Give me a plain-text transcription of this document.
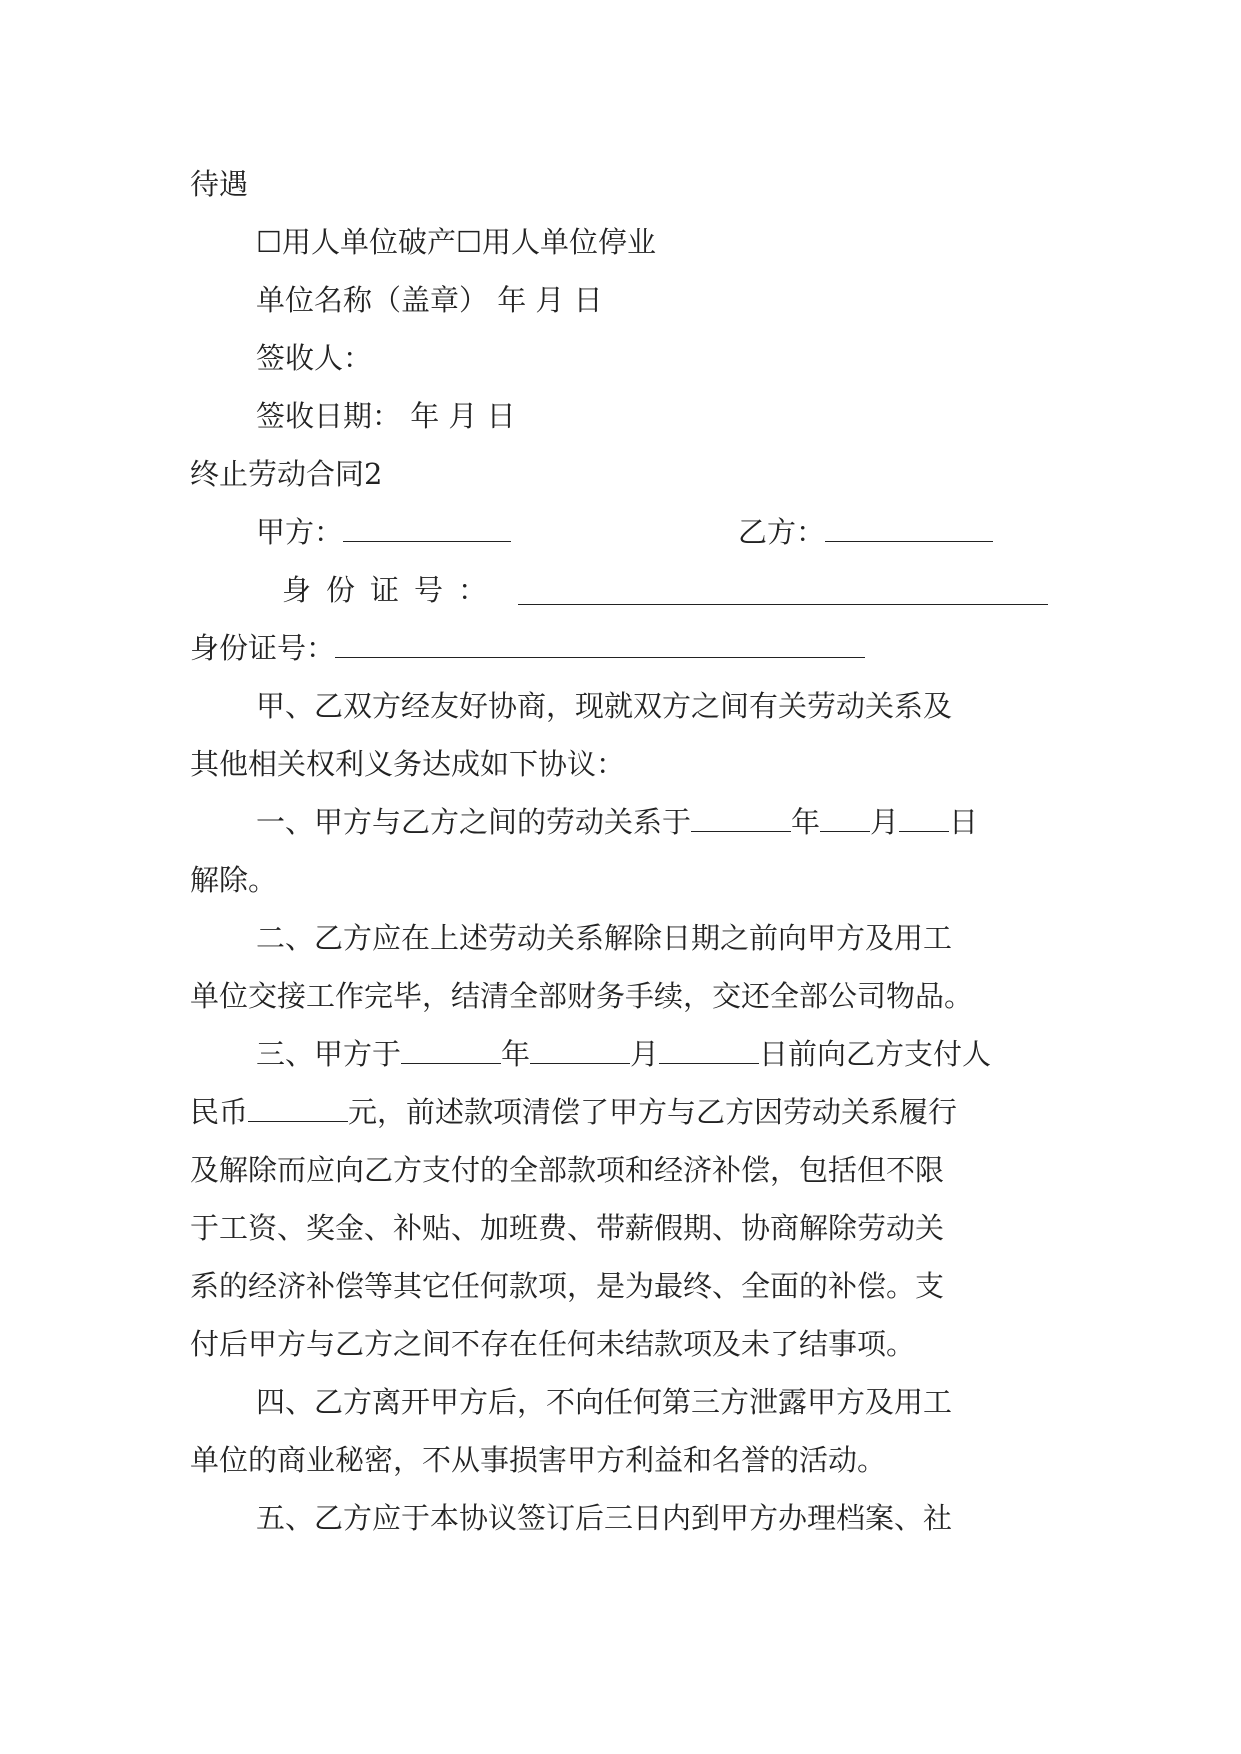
待遇
☐用人单位破产☐用人单位停业
单位名称（盖章） 年 月 日
签收人：
签收日期： 年 月 日
终止劳动合同2
甲方：	乙方：
身份证号：
身份证号：
甲、乙双方经友好协商，现就双方之间有关劳动关系及
其他相关权利义务达成如下协议：
一、甲方与乙方之间的劳动关系于	年 月 日
解除。
二、乙方应在上述劳动关系解除日期之前向甲方及用工
单位交接工作完毕，结清全部财务手续，交还全部公司物品。
三、甲方于	年	月	日前向乙方支付人
民币	元，前述款项清偿了甲方与乙方因劳动关系履行
及解除而应向乙方支付的全部款项和经济补偿，包括但不限
于工资、奖金、补贴、加班费、带薪假期、协商解除劳动关
系的经济补偿等其它任何款项，是为最终、全面的补偿。支
付后甲方与乙方之间不存在任何未结款项及未了结事项。
四、乙方离开甲方后，不向任何第三方泄露甲方及用工
单位的商业秘密，不从事损害甲方利益和名誉的活动。
五、乙方应于本协议签订后三日内到甲方办理档案、社
